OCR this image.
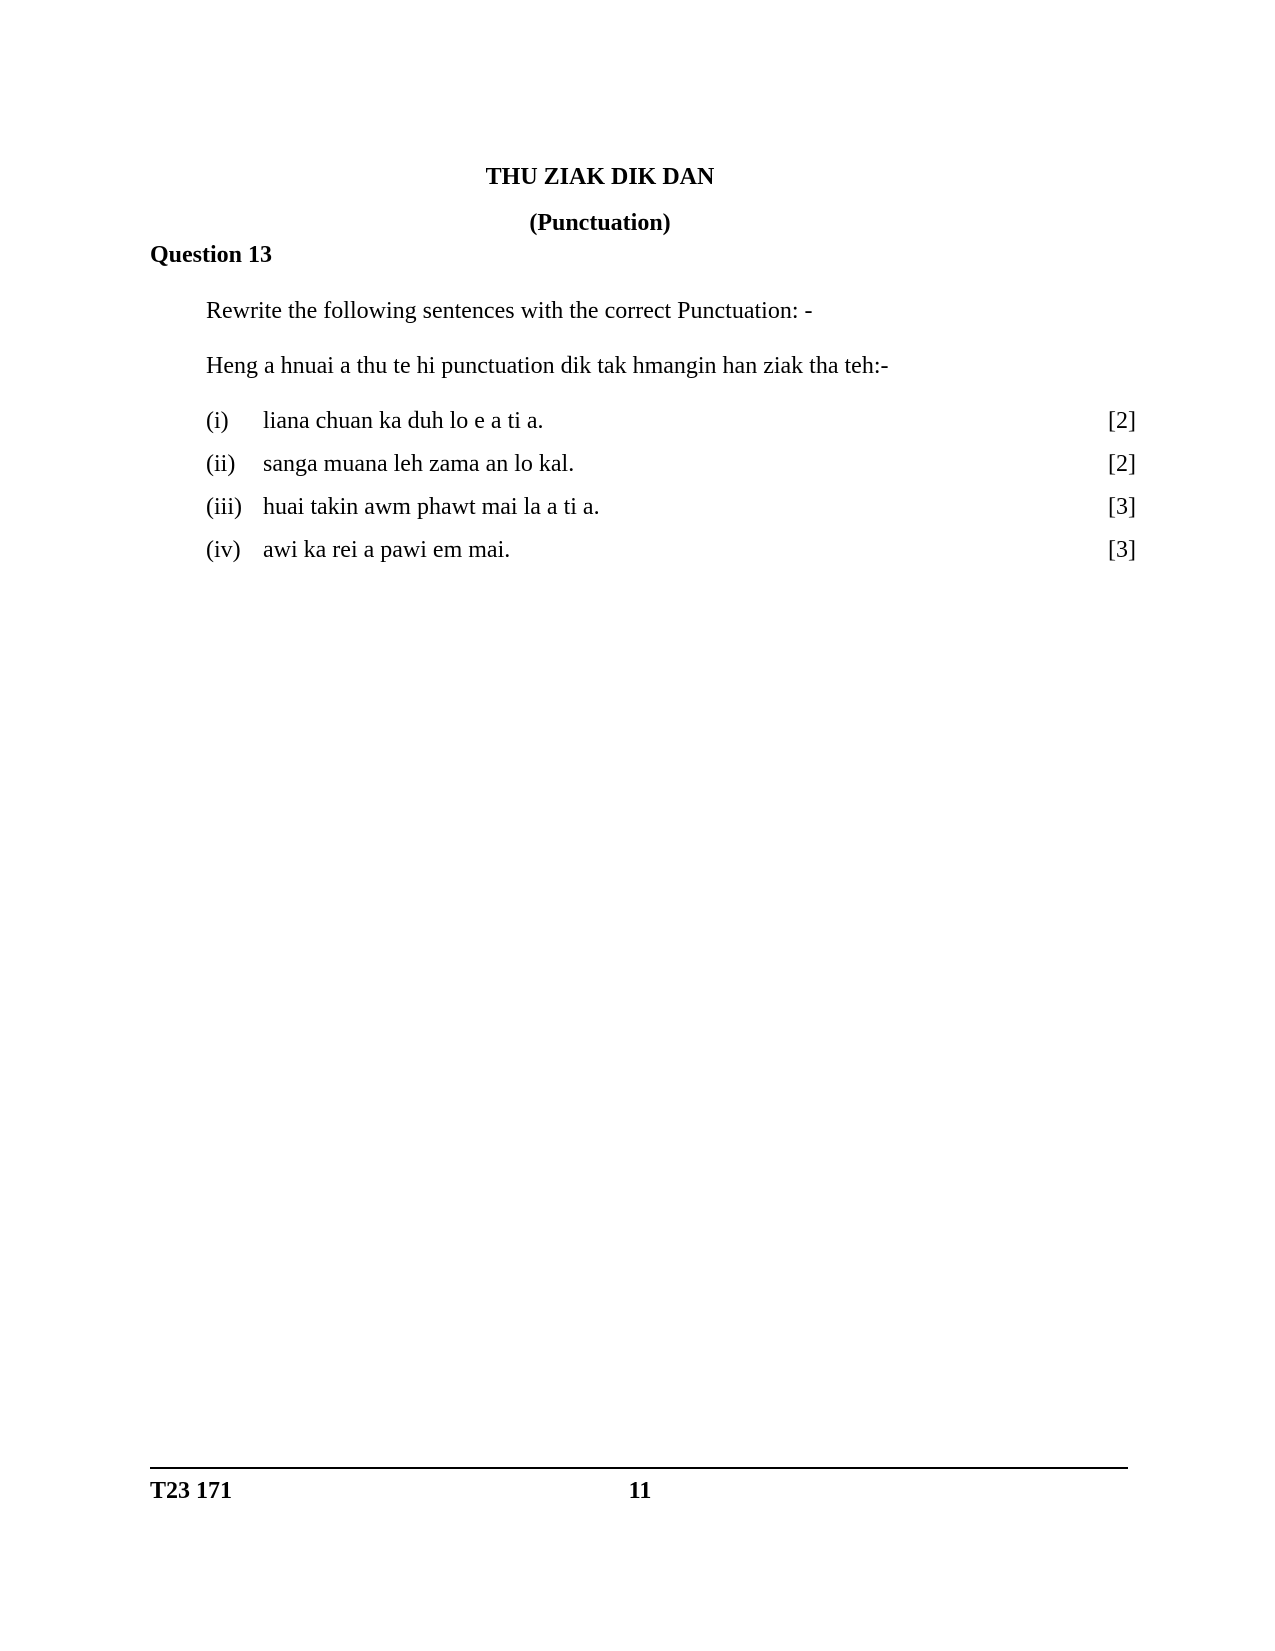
THU ZIAK DIK DAN
(Punctuation)
Question 13
Rewrite the following sentences with the correct Punctuation: -
Heng a hnuai a thu te hi punctuation dik tak hmangin han ziak tha teh:-
(i) liana chuan ka duh lo e a ti a.	[2]
(ii) sanga muana leh zama an lo kal.	[2]
(iii) huai takin awm phawt mai la a ti a.	[3]
(iv) awi ka rei a pawi em mai.	[3]
T23 171	11
